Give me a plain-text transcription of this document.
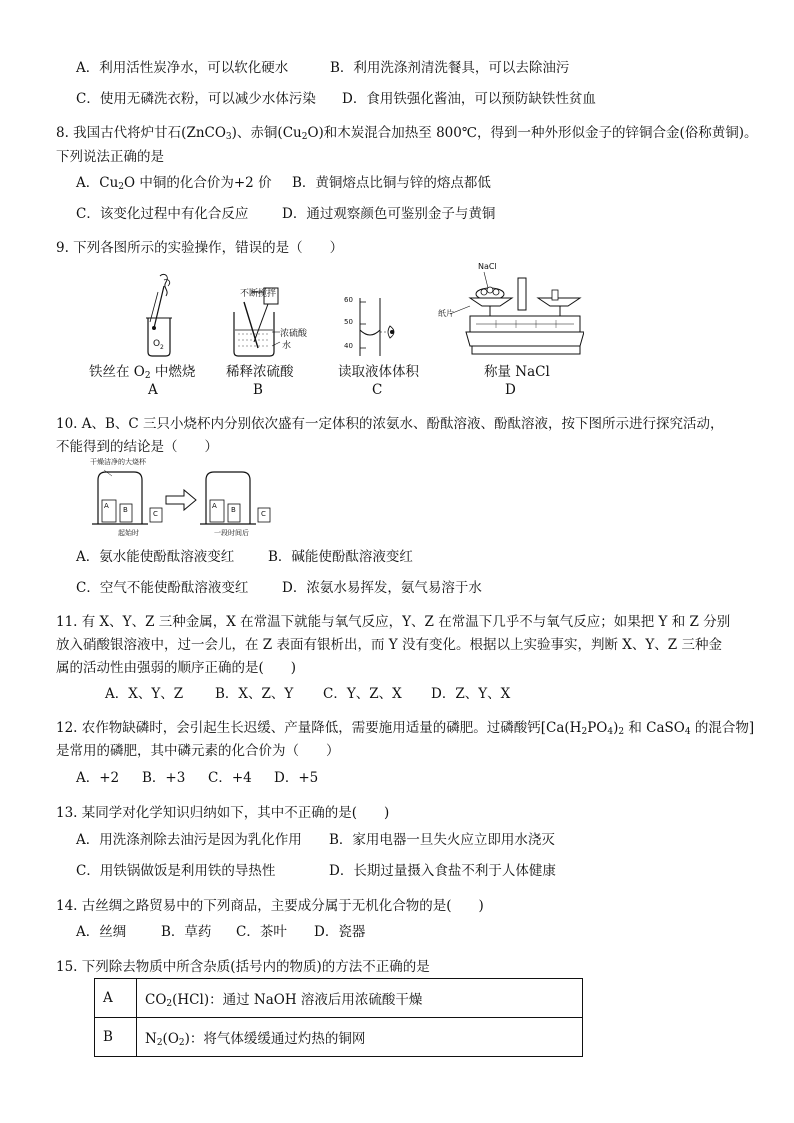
A．利用活性炭净水，可以软化硬水	B．利用洗涤剂清洗餐具，可以去除油污
C．使用无磷洗衣粉，可以减少水体污染 D．食用铁强化酱油，可以预防缺铁性贫血
8. 我国古代将炉甘石(ZnCO$_3$)、赤铜$(Cu_2O)$和木炭混合加热至 800℃，得到一种外形似金子的锌铜合金(俗称黄铜)。
下列说法正确的是
A．$Cu_2O$ 中铜的化合价为+2 价 B．黄铜熔点比铜与锌的熔点都低
C．该变化过程中有化合反应 D．通过观察颜色可鉴别金子与黄铜
9. 下列各图所示的实验操作，错误的是（　　）
O 2
铁丝在 $O_2$ 中燃烧
A
不断搅拌
浓硫酸
水
稀释浓硫酸
B
60
50
40
读取液体体积
C
NaCl
纸片
称量 NaCl
D
10. A、B、C 三只小烧杯内分别依次盛有一定体积的浓氨水、酚酞溶液、酚酞溶液，按下图所示进行探究活动，
不能得到的结论是（　　）
干燥洁净的大烧杯
A B	C
A B	C
起始时	一段时间后
A．氨水能使酚酞溶液变红	B．碱能使酚酞溶液变红
C．空气不能使酚酞溶液变红 D．浓氨水易挥发，氨气易溶于水
11. 有 X、Y、Z 三种金属，X 在常温下就能与氧气反应，Y、Z 在常温下几乎不与氧气反应；如果把 Y 和 Z 分别
放入硝酸银溶液中，过一会儿，在 Z 表面有银析出，而 Y 没有变化。根据以上实验事实，判断 X、Y、Z 三种金
属的活动性由强弱的顺序正确的是(　　)
A．X、Y、Z B．X、Z、Y C．Y、Z、X D．Z、Y、X
12. 农作物缺磷时，会引起生长迟缓、产量降低，需要施用适量的磷肥。过磷酸钙[$Ca(H_2PO_4)_2$ 和 CaSO$_4$ 的混合物]
是常用的磷肥，其中磷元素的化合价为（　　）
A．+2 B．+3 C．+4 D．+5
13. 某同学对化学知识归纳如下，其中不正确的是(　　)
A．用洗涤剂除去油污是因为乳化作用 B．家用电器一旦失火应立即用水浇灭
C．用铁锅做饭是利用铁的导热性	D．长期过量摄入食盐不利于人体健康
14. 古丝绸之路贸易中的下列商品，主要成分属于无机化合物的是(　　)
A．丝绸	B．草药 C．茶叶 D．瓷器
15. 下列除去物质中所含杂质(括号内的物质)的方法不正确的是
A	$CO_2(HCl)$：通过 NaOH 溶液后用浓硫酸干燥
B	$N_2(O_2)$：将气体缓缓通过灼热的铜网
